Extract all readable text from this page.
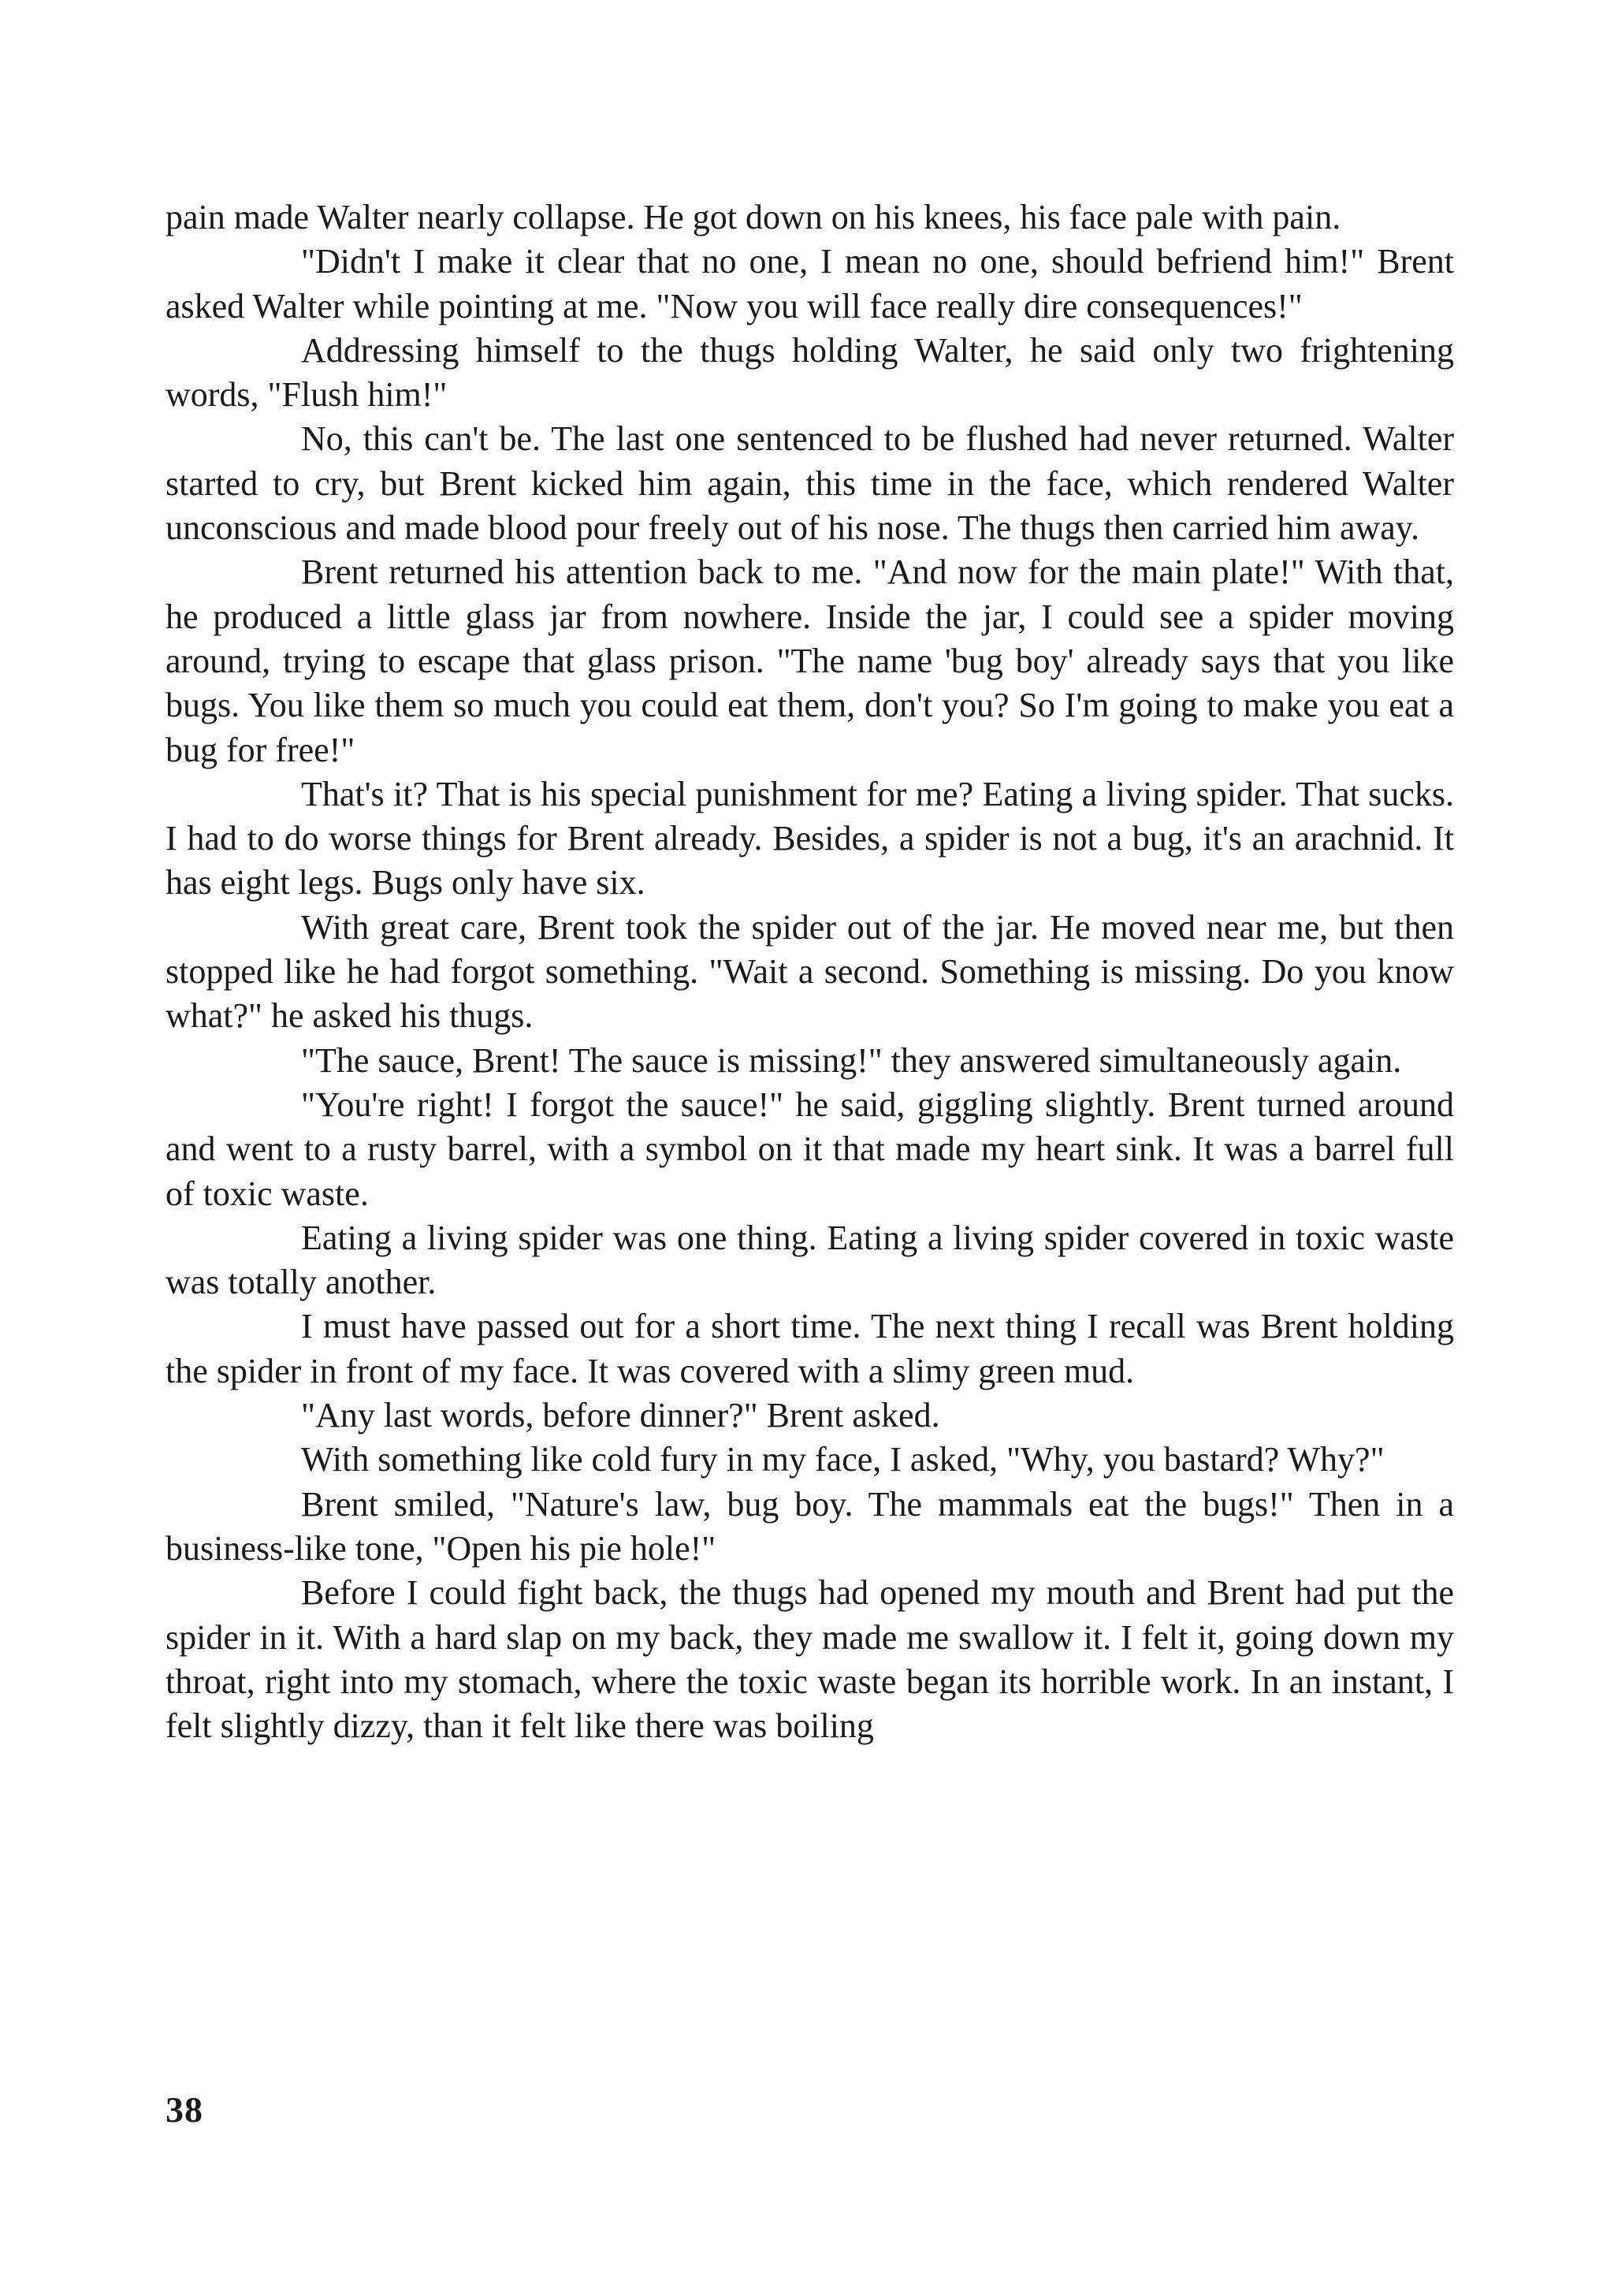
pain made Walter nearly collapse. He got down on his knees, his face pale with pain.

"Didn't I make it clear that no one, I mean no one, should befriend him!" Brent asked Walter while pointing at me. "Now you will face really dire consequences!"

Addressing himself to the thugs holding Walter, he said only two frightening words, "Flush him!"

No, this can't be. The last one sentenced to be flushed had never returned. Walter started to cry, but Brent kicked him again, this time in the face, which rendered Walter unconscious and made blood pour freely out of his nose. The thugs then carried him away.

Brent returned his attention back to me. "And now for the main plate!" With that, he produced a little glass jar from nowhere. Inside the jar, I could see a spider moving around, trying to escape that glass prison. "The name 'bug boy' already says that you like bugs. You like them so much you could eat them, don't you? So I'm going to make you eat a bug for free!"

That's it? That is his special punishment for me? Eating a living spider. That sucks. I had to do worse things for Brent already. Besides, a spider is not a bug, it's an arachnid. It has eight legs. Bugs only have six.

With great care, Brent took the spider out of the jar. He moved near me, but then stopped like he had forgot something. "Wait a second. Something is missing. Do you know what?" he asked his thugs.

"The sauce, Brent! The sauce is missing!" they answered simultaneously again.

"You're right! I forgot the sauce!" he said, giggling slightly. Brent turned around and went to a rusty barrel, with a symbol on it that made my heart sink. It was a barrel full of toxic waste.

Eating a living spider was one thing. Eating a living spider covered in toxic waste was totally another.

I must have passed out for a short time. The next thing I recall was Brent holding the spider in front of my face. It was covered with a slimy green mud.

"Any last words, before dinner?" Brent asked.

With something like cold fury in my face, I asked, "Why, you bastard? Why?"

Brent smiled, "Nature's law, bug boy. The mammals eat the bugs!" Then in a business-like tone, "Open his pie hole!"

Before I could fight back, the thugs had opened my mouth and Brent had put the spider in it. With a hard slap on my back, they made me swallow it. I felt it, going down my throat, right into my stomach, where the toxic waste began its horrible work. In an instant, I felt slightly dizzy, than it felt like there was boiling

38
